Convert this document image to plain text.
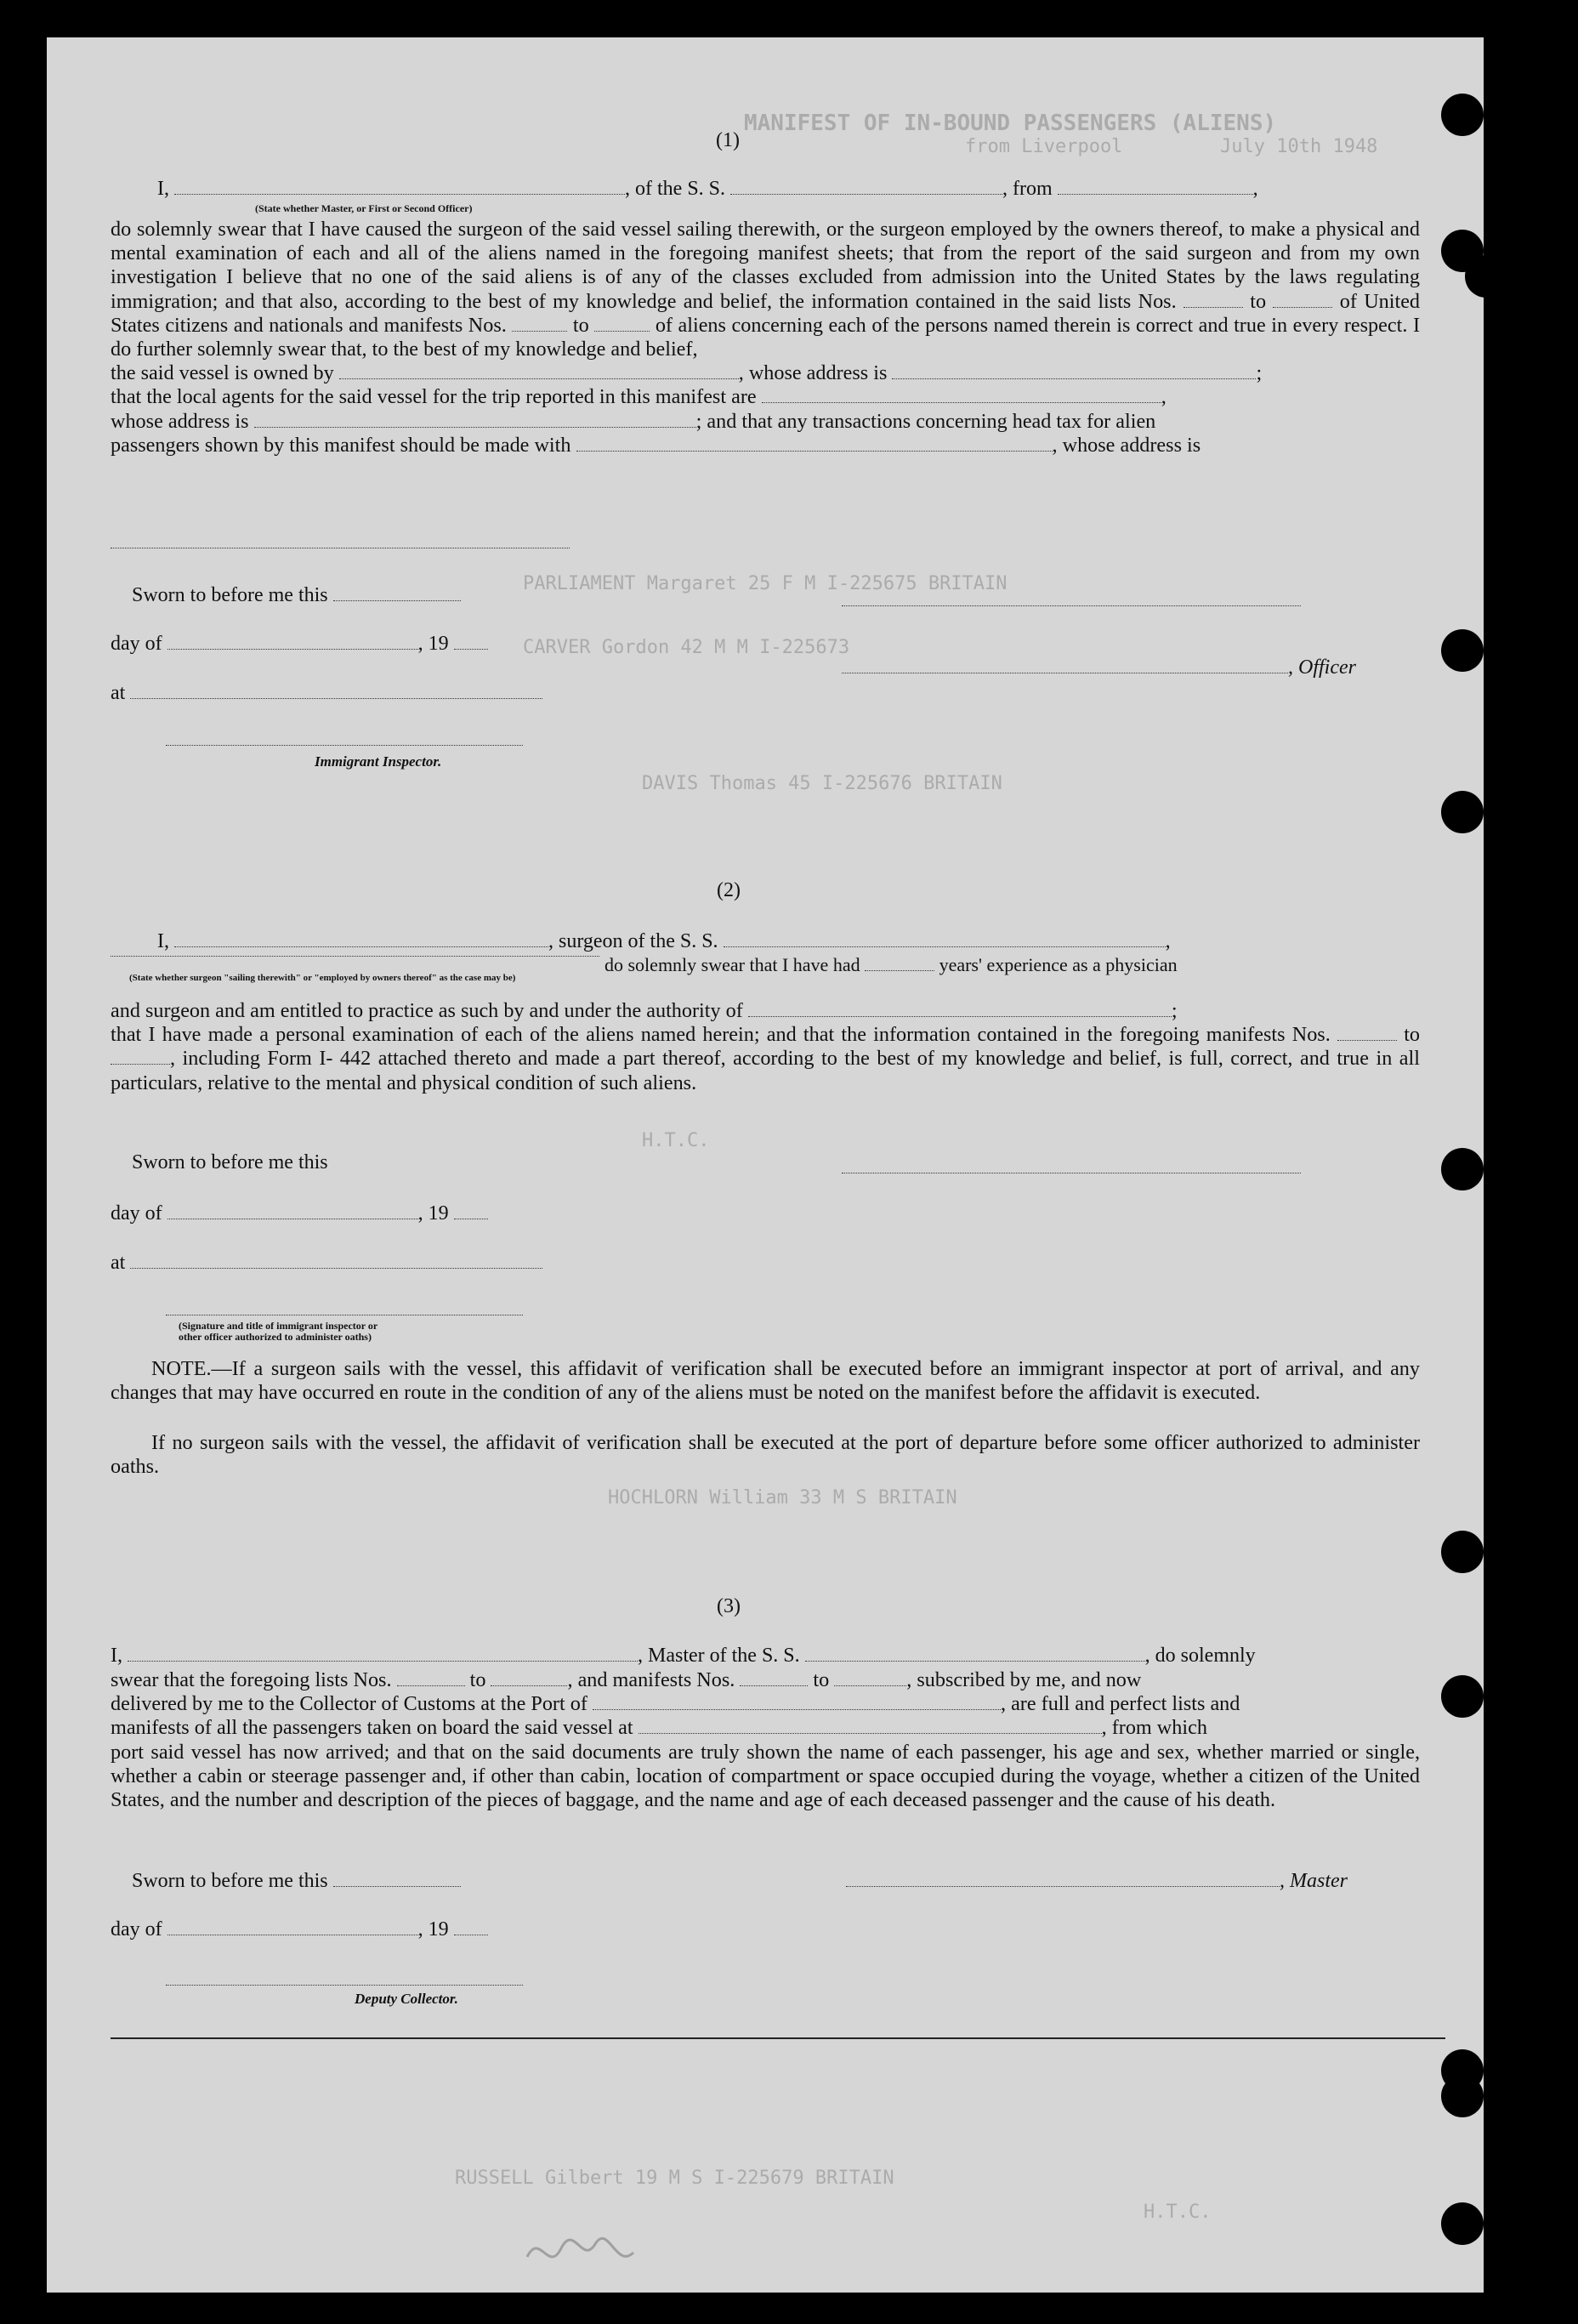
MANIFEST OF IN-BOUND PASSENGERS (ALIENS)
from Liverpool	July 10th 1948
PARLIAMENT Margaret 25 F M I-225675 BRITAIN
CARVER Gordon 42 M M I-225673
DAVIS Thomas 45 I-225676 BRITAIN
H.T.C.
HOCHLORN William 33 M S BRITAIN
RUSSELL Gilbert 19 M S I-225679 BRITAIN
H.T.C.
(1)
I,	, of the S. S.	, from	,
(State whether Master, or First or Second Officer)
do solemnly swear that I have caused the surgeon of the said vessel sailing therewith, or the surgeon employed by the owners thereof, to make a physical and mental examination of each and all of the aliens named in the foregoing manifest sheets; that from the report of the said surgeon and from my own investigation I believe that no one of the said aliens is of any of the classes excluded from admission into the United States by the laws regulating immigration; and that also, according to the best of my knowledge and belief, the information contained in the said lists Nos.	to	of United States citizens and nationals and manifests Nos.	to	of aliens concerning each of the persons named therein is correct and true in every respect. I do further solemnly swear that, to the best of my knowledge and belief,
the said vessel is owned by	, whose address is	;
that the local agents for the said vessel for the trip reported in this manifest are	,
whose address is	; and that any transactions concerning head tax for alien
passengers shown by this manifest should be made with	, whose address is
Sworn to before me this
day of	, 19
, Officer
at
Immigrant Inspector.
(2)
I,	, surgeon of the S. S.	,
do solemnly swear that I have had	years' experience as a physician
(State whether surgeon "sailing therewith" or "employed by owners thereof" as the case may be)
and surgeon and am entitled to practice as such by and under the authority of	;
that I have made a personal examination of each of the aliens named herein; and that the information contained in the foregoing manifests Nos.	to , including Form I- 442 attached thereto and made a part thereof, according to the best of my knowledge and belief, is full, correct, and true in all particulars, relative to the mental and physical condition of such aliens.
Sworn to before me this
day of	, 19
at
(Signature and title of immigrant inspector or
other officer authorized to administer oaths)
NOTE.—If a surgeon sails with the vessel, this affidavit of verification shall be executed before an immigrant inspector at port of arrival, and any changes that may have occurred en route in the condition of any of the aliens must be noted on the manifest before the affidavit is executed.
If no surgeon sails with the vessel, the affidavit of verification shall be executed at the port of departure before some officer authorized to administer oaths.
(3)
I,	, Master of the S. S.	, do solemnly
swear that the foregoing lists Nos.	to	, and manifests Nos.	to	, subscribed by me, and now
delivered by me to the Collector of Customs at the Port of	, are full and perfect lists and
manifests of all the passengers taken on board the said vessel at	, from which
port said vessel has now arrived; and that on the said documents are truly shown the name of each passenger, his age and sex, whether married or single, whether a cabin or steerage passenger and, if other than cabin, location of compartment or space occupied during the voyage, whether a citizen of the United States, and the number and description of the pieces of baggage, and the name and age of each deceased passenger and the cause of his death.
Sworn to before me this	, Master
day of	, 19
Deputy Collector.
